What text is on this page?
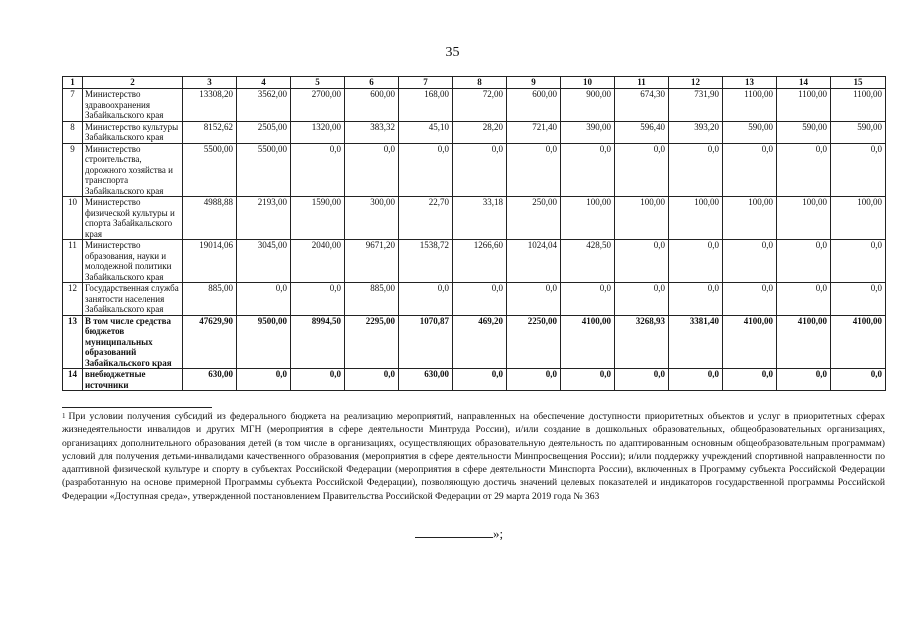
35
1	2	3	4	5	6	7	8	9	10	11	12	13	14	15
7	Министерство здравоохранения Забайкальского края	13308,20	3562,00	2700,00	600,00	168,00	72,00	600,00	900,00	674,30	731,90	1100,00	1100,00	1100,00
8	Министерство культуры Забайкальского края	8152,62	2505,00	1320,00	383,32	45,10	28,20	721,40	390,00	596,40	393,20	590,00	590,00	590,00
9	Министерство строительства, дорожного хозяйства и транспорта Забайкальского края	5500,00	5500,00	0,0	0,0	0,0	0,0	0,0	0,0	0,0	0,0	0,0	0,0	0,0
10	Министерство физической культуры и спорта Забайкальского края	4988,88	2193,00	1590,00	300,00	22,70	33,18	250,00	100,00	100,00	100,00	100,00	100,00	100,00
11	Министерство образования, науки и молодежной политики Забайкальского края	19014,06	3045,00	2040,00	9671,20	1538,72	1266,60	1024,04	428,50	0,0	0,0	0,0	0,0	0,0
12	Государственная служба занятости населения Забайкальского края	885,00	0,0	0,0	885,00	0,0	0,0	0,0	0,0	0,0	0,0	0,0	0,0	0,0
13	В том числе средства бюджетов муниципальных образований Забайкальского края	47629,90	9500,00	8994,50	2295,00	1070,87	469,20	2250,00	4100,00	3268,93	3381,40	4100,00	4100,00	4100,00
14	внебюджетные источники	630,00	0,0	0,0	0,0	630,00	0,0	0,0	0,0	0,0	0,0	0,0	0,0	0,0
$^1$ При условии получения субсидий из федерального бюджета на реализацию мероприятий, направленных на обеспечение доступности приоритетных объектов и услуг в приоритетных сферах жизнедеятельности инвалидов и других МГН (мероприятия в сфере деятельности Минтруда России), и/или создание в дошкольных образовательных, общеобразовательных организациях, организациях дополнительного образования детей (в том числе в организациях, осуществляющих образовательную деятельность по адаптированным основным общеобразовательным программам) условий для получения детьми-инвалидами качественного образования (мероприятия в сфере деятельности Минпросвещения России); и/или поддержку учреждений спортивной направленности по адаптивной физической культуре и спорту в субъектах Российской Федерации (мероприятия в сфере деятельности Минспорта России), включенных в Программу субъекта Российской Федерации (разработанную на основе примерной Программы субъекта Российской Федерации), позволяющую достичь значений целевых показателей и индикаторов государственной программы Российской Федерации «Доступная среда», утвержденной постановлением Правительства Российской Федерации от 29 марта 2019 года № 363
»;
